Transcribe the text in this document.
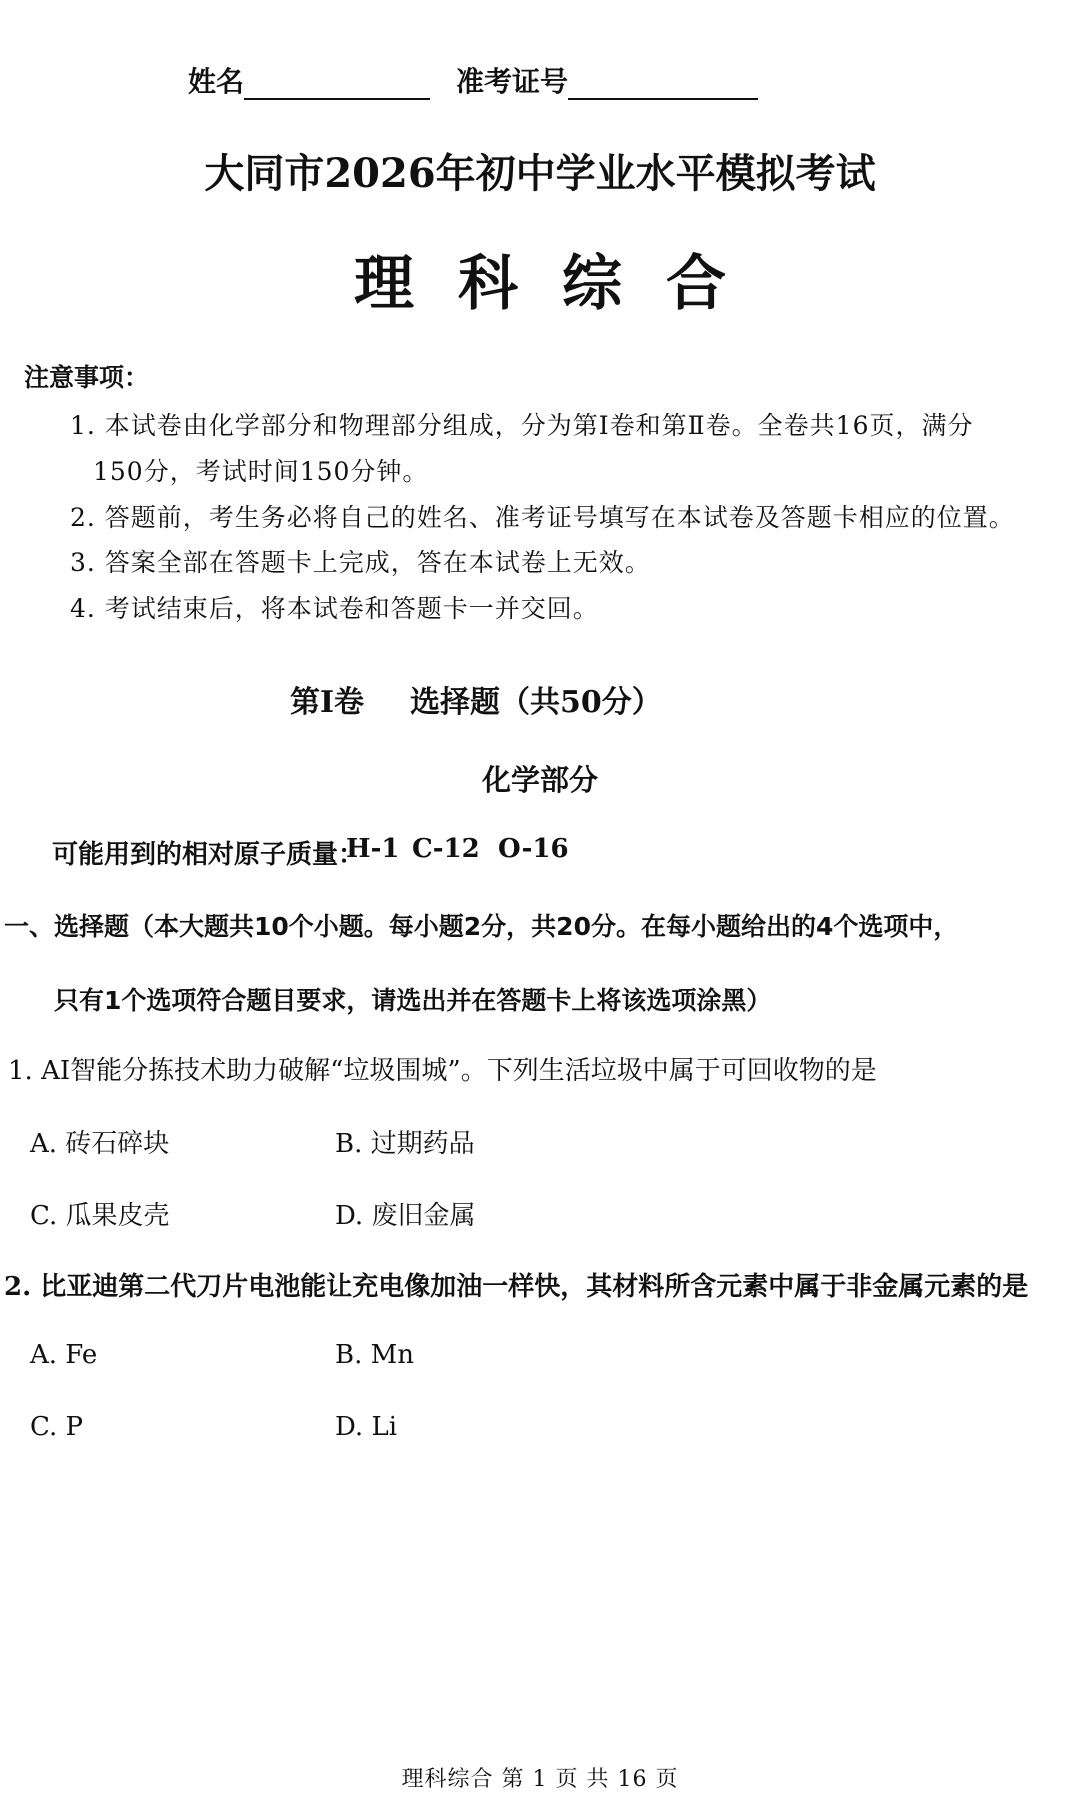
姓名	准考证号
大同市2026年初中学业水平模拟考试
理科综合
注意事项：
1. 本试卷由化学部分和物理部分组成，分为第Ⅰ卷和第Ⅱ卷。全卷共16页，满分
150分，考试时间150分钟。
2. 答题前，考生务必将自己的姓名、准考证号填写在本试卷及答题卡相应的位置。
3. 答案全部在答题卡上完成，答在本试卷上无效。
4. 考试结束后，将本试卷和答题卡一并交回。
第Ⅰ卷 选择题（共50分）
化学部分
可能用到的相对原子质量：
H-1 C-12 O-16
一、选择题（本大题共10个小题。每小题2分，共20分。在每小题给出的4个选项中，
只有1个选项符合题目要求，请选出并在答题卡上将该选项涂黑）
1. AI智能分拣技术助力破解“垃圾围城”。下列生活垃圾中属于可回收物的是
A. 砖石碎块	B. 过期药品
C. 瓜果皮壳	D. 废旧金属
2. 比亚迪第二代刀片电池能让充电像加油一样快，其材料所含元素中属于非金属元素的是
A. Fe	B. Mn
C. P	D. Li
理科综合 第 1 页 共 16 页
